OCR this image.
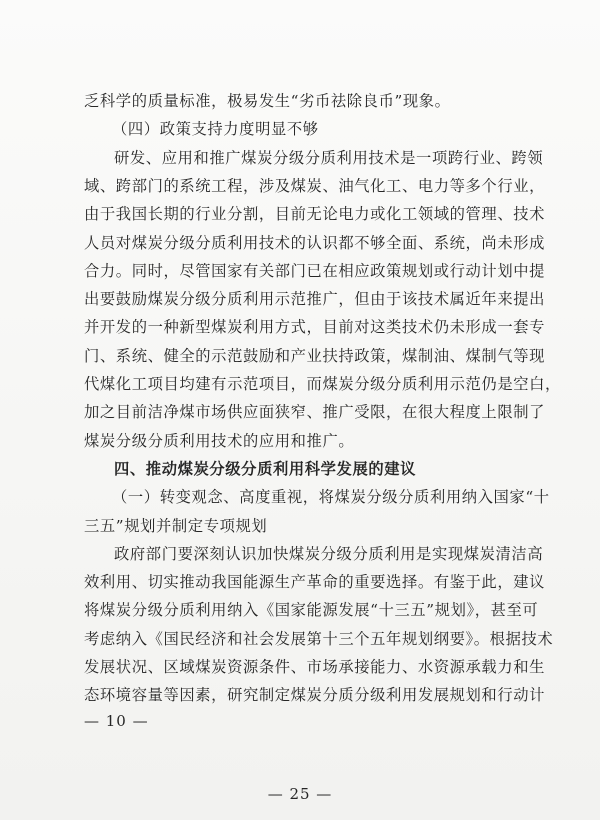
乏科学的质量标准，极易发生“劣币祛除良币”现象。

（四）政策支持力度明显不够

研发、应用和推广煤炭分级分质利用技术是一项跨行业、跨领

域、跨部门的系统工程，涉及煤炭、油气化工、电力等多个行业，

由于我国长期的行业分割，目前无论电力或化工领域的管理、技术

人员对煤炭分级分质利用技术的认识都不够全面、系统，尚未形成

合力。同时，尽管国家有关部门已在相应政策规划或行动计划中提

出要鼓励煤炭分级分质利用示范推广，但由于该技术属近年来提出

并开发的一种新型煤炭利用方式，目前对这类技术仍未形成一套专

门、系统、健全的示范鼓励和产业扶持政策，煤制油、煤制气等现

代煤化工项目均建有示范项目，而煤炭分级分质利用示范仍是空白，

加之目前洁净煤市场供应面狭窄、推广受限，在很大程度上限制了

煤炭分级分质利用技术的应用和推广。

四、推动煤炭分级分质利用科学发展的建议

（一）转变观念、高度重视，将煤炭分级分质利用纳入国家“十

三五”规划并制定专项规划

政府部门要深刻认识加快煤炭分级分质利用是实现煤炭清洁高

效利用、切实推动我国能源生产革命的重要选择。有鉴于此，建议

将煤炭分级分质利用纳入《国家能源发展“十三五”规划》，甚至可

考虑纳入《国民经济和社会发展第十三个五年规划纲要》。根据技术

发展状况、区域煤炭资源条件、市场承接能力、水资源承载力和生

态环境容量等因素，研究制定煤炭分质分级利用发展规划和行动计

— 10 —
— 25 —
